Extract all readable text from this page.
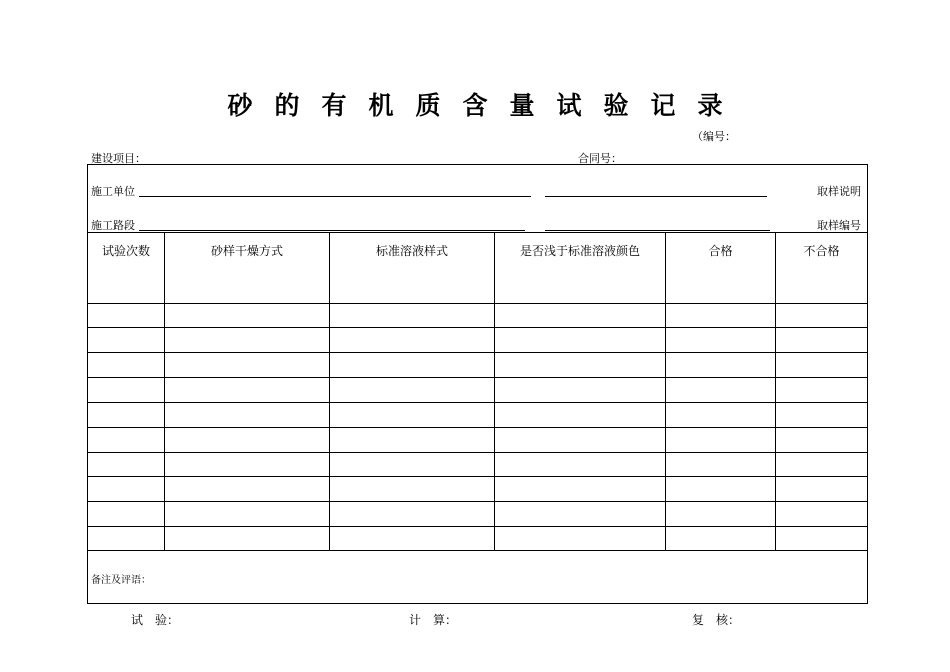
砂的有机质含量试验记录
（编号：
建设项目：	合同号：
施工单位	取样说明
施工路段	取样编号
试验次数	砂样干燥方式	标准溶液样式	是否浅于标准溶液颜色	合格	不合格
备注及评语：
试　验：	计　算：	复　核：
